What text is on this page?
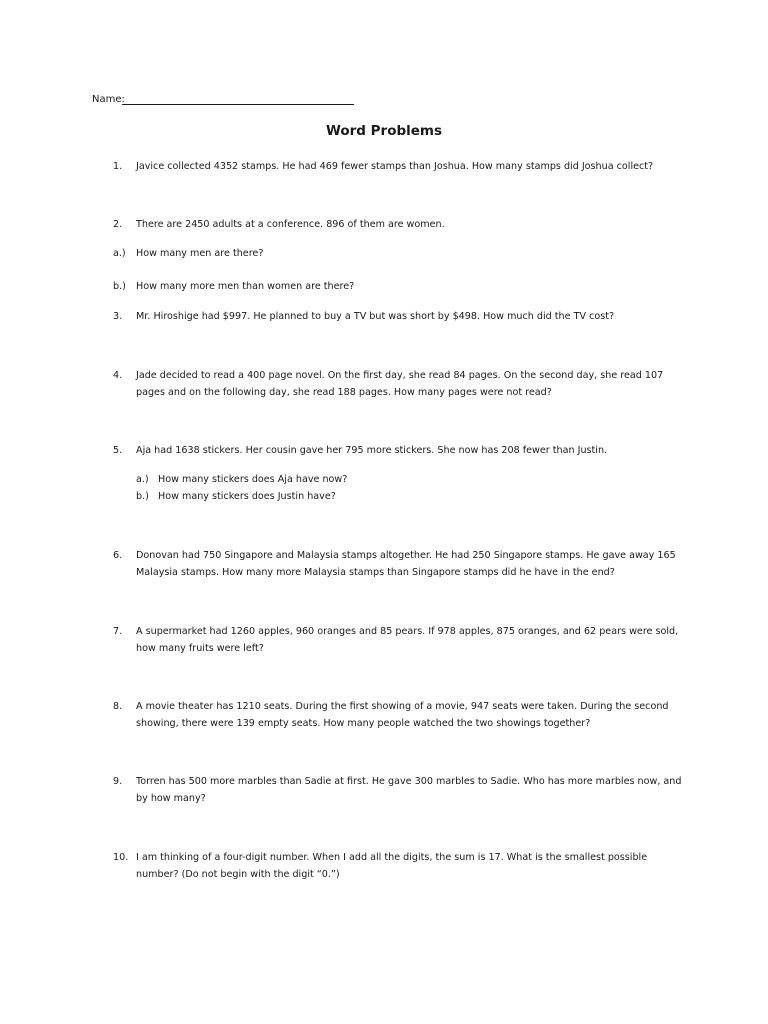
Name:
Word Problems
1. Javice collected 4352 stamps. He had 469 fewer stamps than Joshua. How many stamps did Joshua collect?
2. There are 2450 adults at a conference. 896 of them are women.
a.) How many men are there?
b.) How many more men than women are there?
3. Mr. Hiroshige had $997. He planned to buy a TV but was short by $498. How much did the TV cost?
4. Jade decided to read a 400 page novel. On the first day, she read 84 pages. On the second day, she read 107
pages and on the following day, she read 188 pages. How many pages were not read?
5. Aja had 1638 stickers. Her cousin gave her 795 more stickers. She now has 208 fewer than Justin.
a.) How many stickers does Aja have now?
b.) How many stickers does Justin have?
6. Donovan had 750 Singapore and Malaysia stamps altogether. He had 250 Singapore stamps. He gave away 165
Malaysia stamps. How many more Malaysia stamps than Singapore stamps did he have in the end?
7. A supermarket had 1260 apples, 960 oranges and 85 pears. If 978 apples, 875 oranges, and 62 pears were sold,
how many fruits were left?
8. A movie theater has 1210 seats. During the first showing of a movie, 947 seats were taken. During the second
showing, there were 139 empty seats. How many people watched the two showings together?
9. Torren has 500 more marbles than Sadie at first. He gave 300 marbles to Sadie. Who has more marbles now, and
by how many?
10. I am thinking of a four-digit number. When I add all the digits, the sum is 17. What is the smallest possible
number? (Do not begin with the digit “0.”)
